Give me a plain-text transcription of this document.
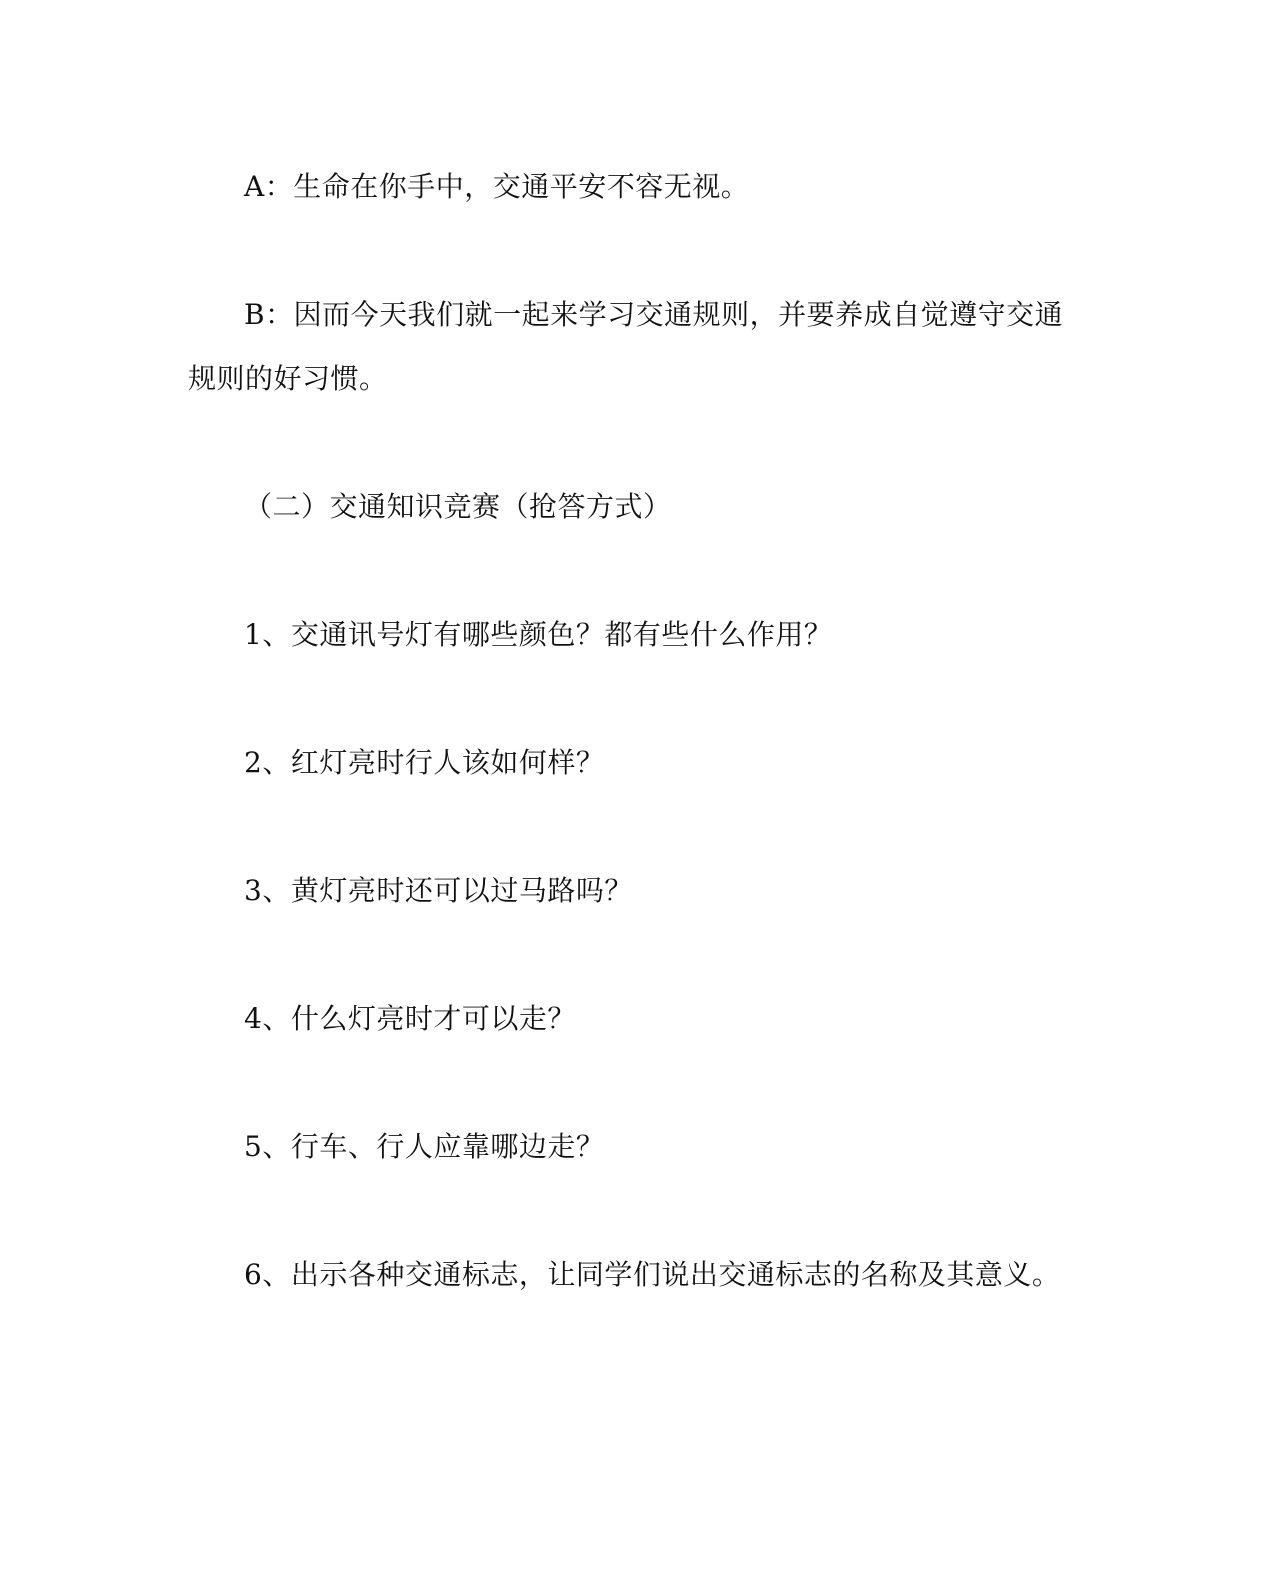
A：生命在你手中，交通平安不容无视。

B：因而今天我们就一起来学习交通规则，并要养成自觉遵守交通规则的好习惯。

（二）交通知识竞赛（抢答方式）

1、交通讯号灯有哪些颜色？都有些什么作用？

2、红灯亮时行人该如何样？

3、黄灯亮时还可以过马路吗？

4、什么灯亮时才可以走？

5、行车、行人应靠哪边走？

6、出示各种交通标志，让同学们说出交通标志的名称及其意义。
